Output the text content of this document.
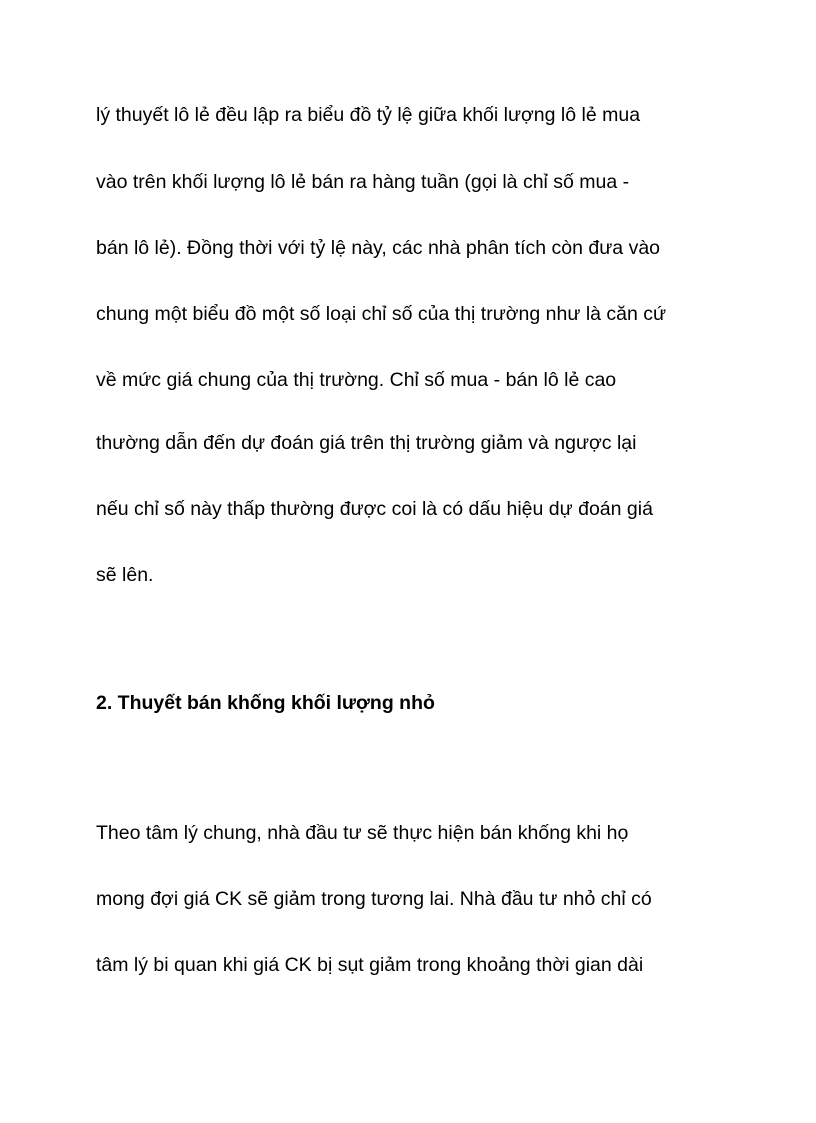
lý thuyết lô lẻ đều lập ra biểu đồ tỷ lệ giữa khối lượng lô lẻ mua

vào trên khối lượng lô lẻ bán ra hàng tuần (gọi là chỉ số mua -

bán lô lẻ). Đồng thời với tỷ lệ này, các nhà phân tích còn đưa vào

chung một biểu đồ một số loại chỉ số của thị trường như là căn cứ

về mức giá chung của thị trường. Chỉ số mua - bán lô lẻ cao

thường dẫn đến dự đoán giá trên thị trường giảm và ngược lại

nếu chỉ số này thấp thường được coi là có dấu hiệu dự đoán giá

sẽ lên.

2. Thuyết bán khống khối lượng nhỏ

Theo tâm lý chung, nhà đầu tư sẽ thực hiện bán khống khi họ

mong đợi giá CK sẽ giảm trong tương lai. Nhà đầu tư nhỏ chỉ có

tâm lý bi quan khi giá CK bị sụt giảm trong khoảng thời gian dài
